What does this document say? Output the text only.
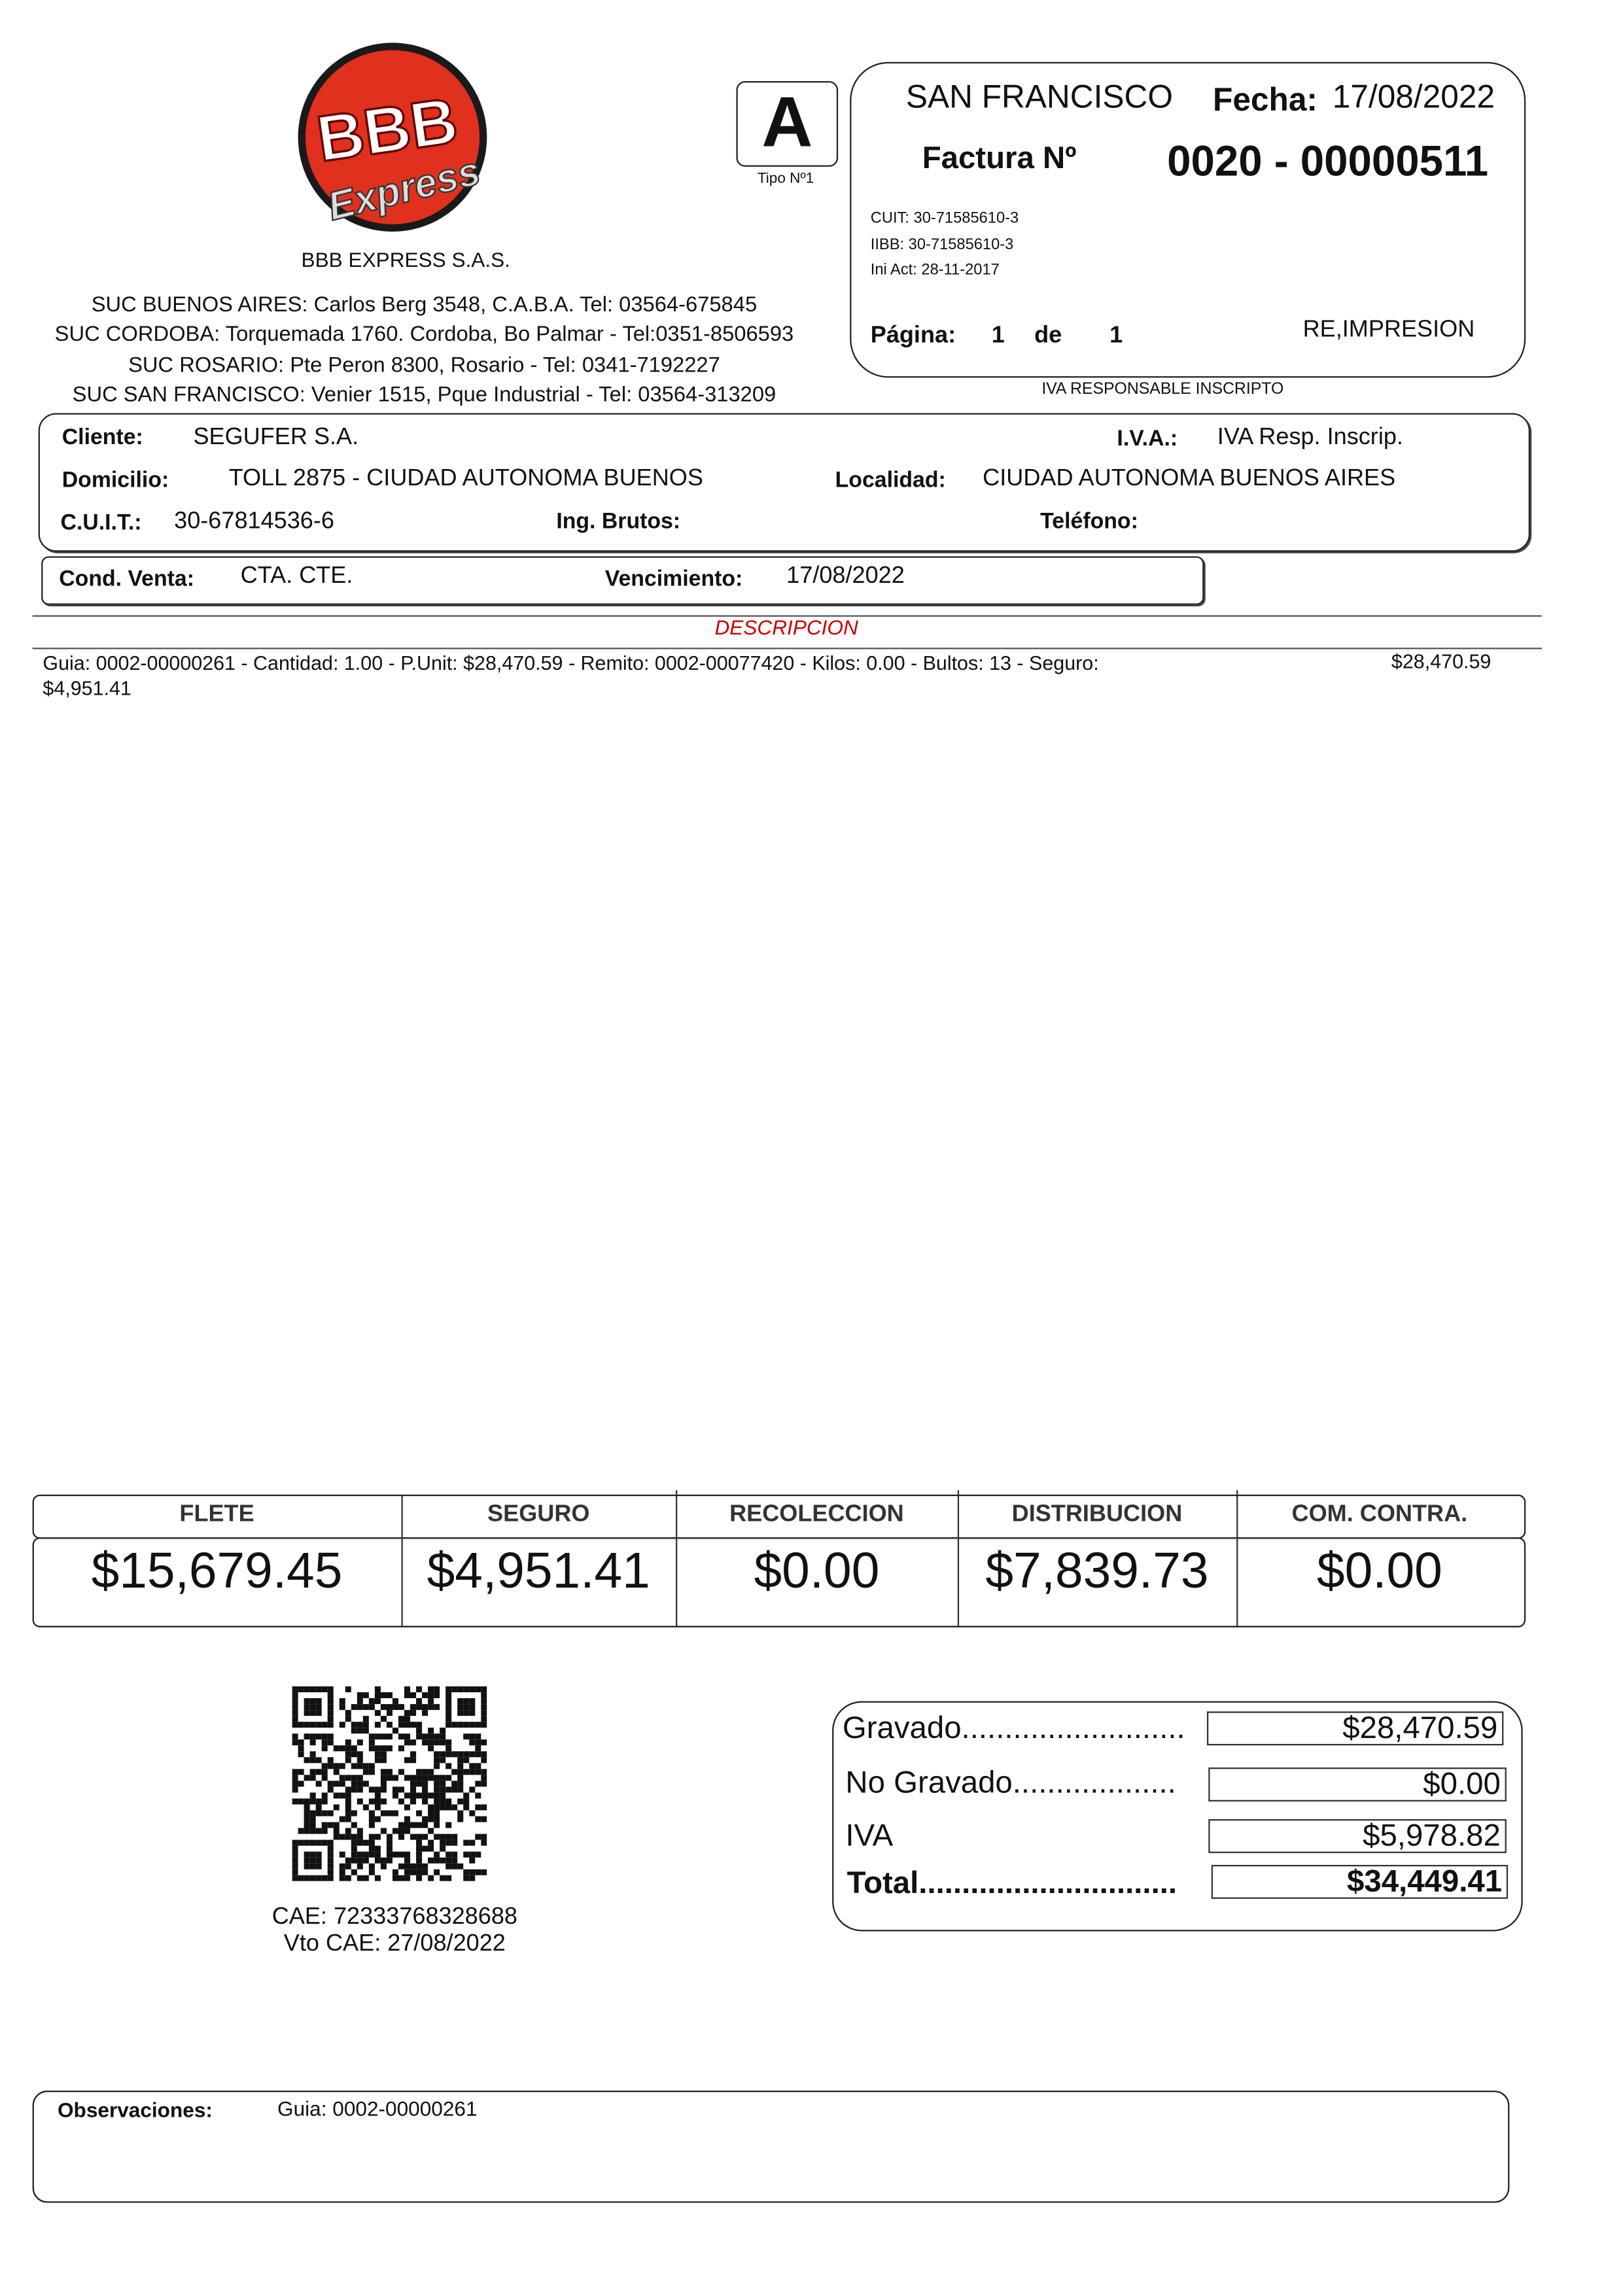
BBB
Express
BBB EXPRESS S.A.S.
SUC BUENOS AIRES: Carlos Berg 3548, C.A.B.A. Tel: 03564-675845
SUC CORDOBA: Torquemada 1760. Cordoba, Bo Palmar - Tel:0351-8506593
SUC ROSARIO: Pte Peron 8300, Rosario - Tel: 0341-7192227
SUC SAN FRANCISCO: Venier 1515, Pque Industrial - Tel: 03564-313209
A
Tipo Nº1
SAN FRANCISCO	Fecha: 17/08/2022
Factura Nº	0020 - 00000511
CUIT: 30-71585610-3
IIBB: 30-71585610-3
Ini Act: 28-11-2017
Página:	1	de	1	RE,IMPRESION
IVA RESPONSABLE INSCRIPTO
Cliente:	SEGUFER S.A.	I.V.A.:	IVA Resp. Inscrip.
Domicilio:	TOLL 2875 - CIUDAD AUTONOMA BUENOS	Localidad:	CIUDAD AUTONOMA BUENOS AIRES
C.U.I.T.:	30-67814536-6	Ing. Brutos:	Teléfono:
Cond. Venta:	CTA. CTE.	Vencimiento:	17/08/2022
DESCRIPCION
Guia: 0002-00000261 - Cantidad: 1.00 - P.Unit: $28,470.59 - Remito: 0002-00077420 - Kilos: 0.00 - Bultos: 13 - Seguro:
$4,951.41
$28,470.59
FLETE	SEGURO	RECOLECCION	DISTRIBUCION	COM. CONTRA.
$15,679.45	$4,951.41	$0.00	$7,839.73	$0.00
CAE: 72333768328688
Vto CAE: 27/08/2022
Gravado..........................	$28,470.59
No Gravado...................	$0.00
IVA	$5,978.82
Total..............................	$34,449.41
Observaciones:	Guia: 0002-00000261
